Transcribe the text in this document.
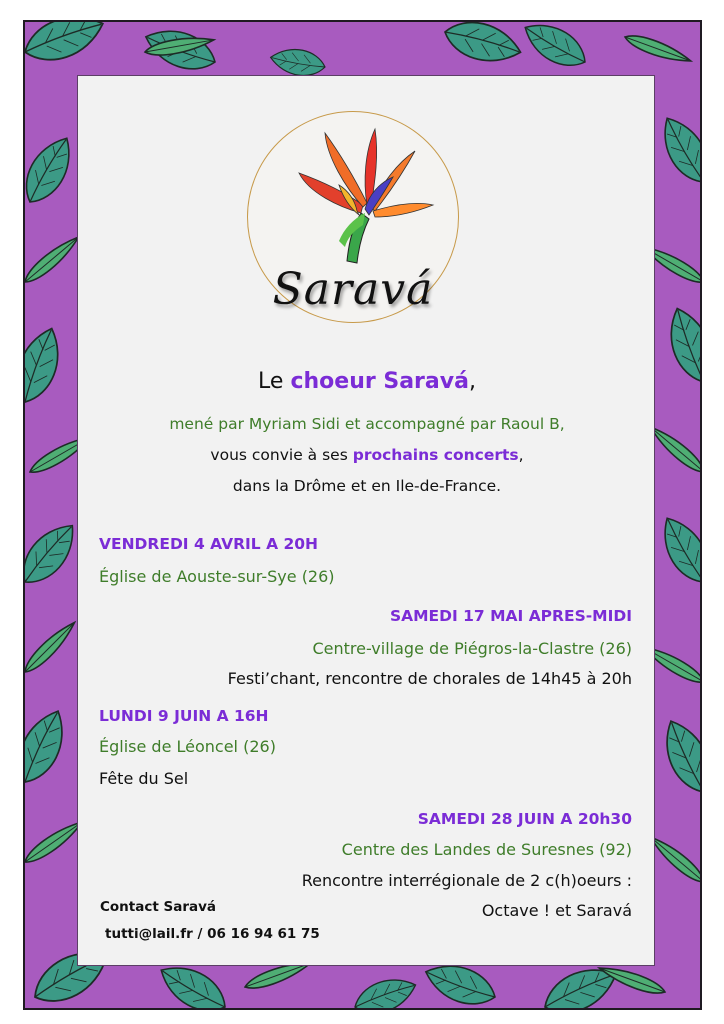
Saravá
Le choeur Saravá,
mené par Myriam Sidi et accompagné par Raoul B,
vous convie à ses prochains concerts,
dans la Drôme et en Ile-de-France.
VENDREDI 4 AVRIL A 20H
Église de Aouste-sur-Sye (26)
SAMEDI 17 MAI APRES-MIDI
Centre-village de Piégros-la-Clastre (26)
Festi’chant, rencontre de chorales de 14h45 à 20h
LUNDI 9 JUIN A 16H
Église de Léoncel (26)
Fête du Sel
SAMEDI 28 JUIN A 20h30
Centre des Landes de Suresnes (92)
Rencontre interrégionale de 2 c(h)oeurs :
Octave ! et Saravá
Contact Saravá
tutti@lail.fr / 06 16 94 61 75
